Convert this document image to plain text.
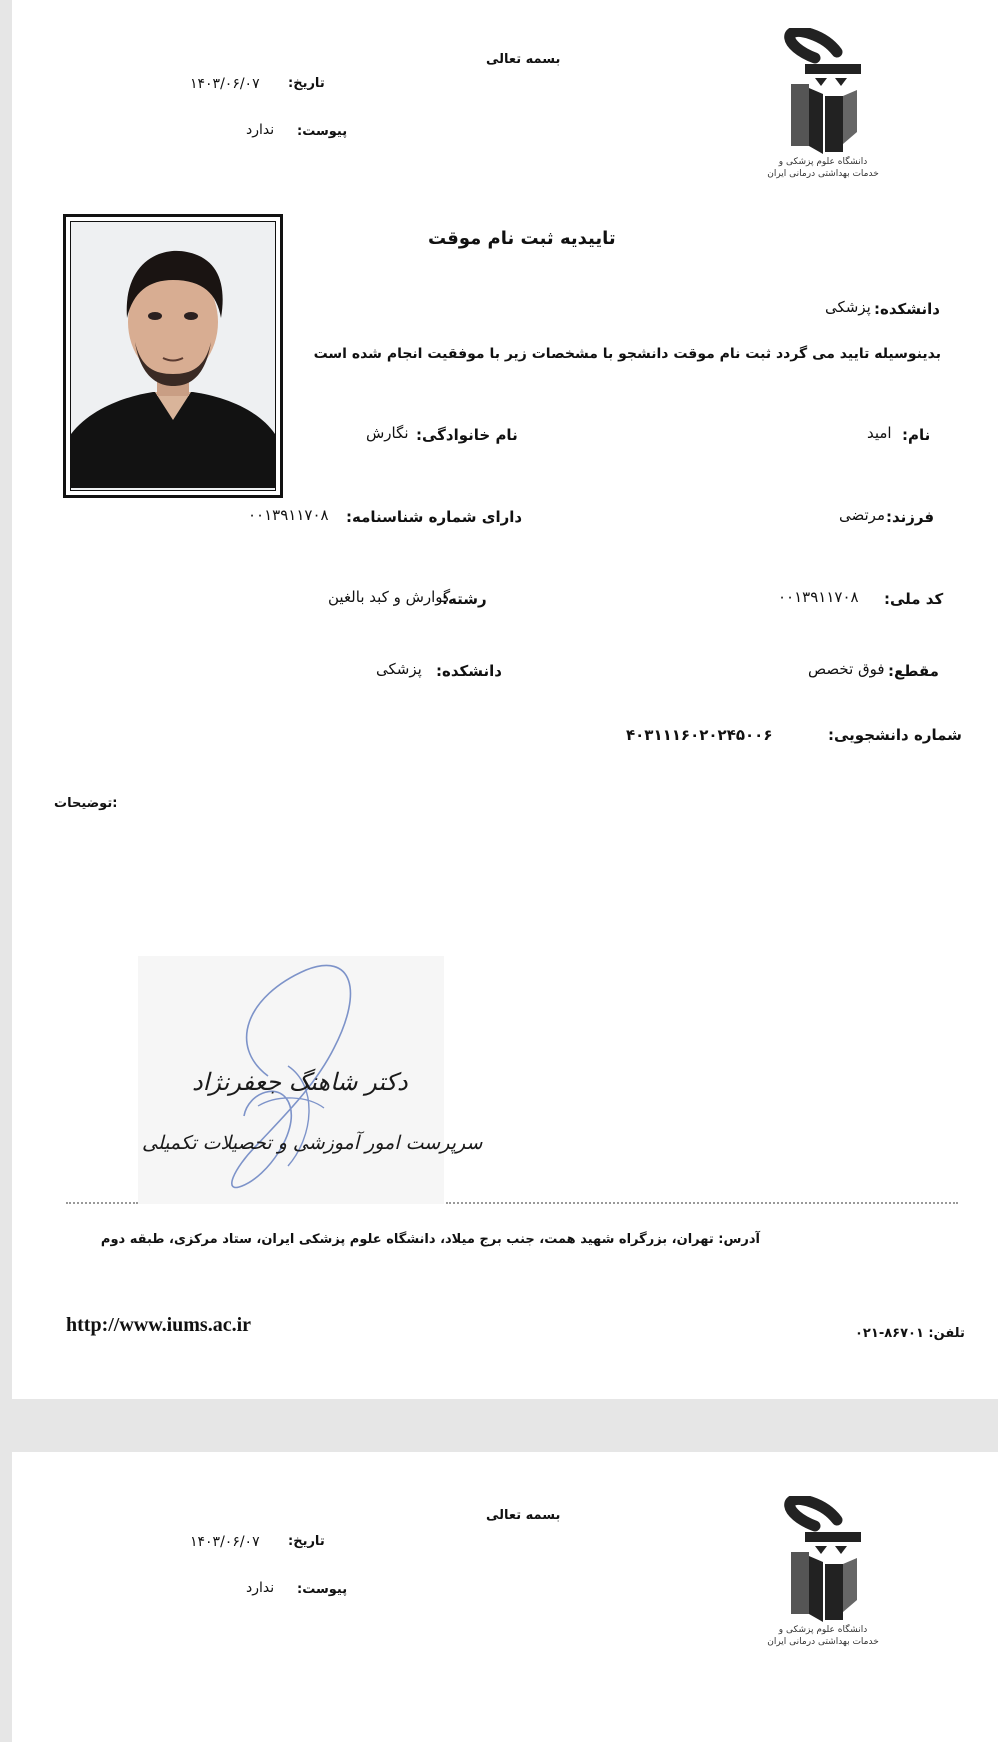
دانشگاه علوم پزشکی و
خدمات بهداشتی درمانی ایران
بسمه تعالی
تاریخ:
۱۴۰۳/۰۶/۰۷
پیوست:
ندارد
تاییدیه ثبت نام موقت
دانشکده:
پزشکی
بدینوسیله تایید می گردد ثبت نام موقت دانشجو با مشخصات زیر با موفقیت انجام شده است
نام:
امید
نام خانوادگی:
نگارش
فرزند:
مرتضی
دارای شماره شناسنامه:
۰۰۱۳۹۱۱۷۰۸
کد ملی:
۰۰۱۳۹۱۱۷۰۸
رشته:
گوارش و کبد بالغین
مقطع:
فوق تخصص
دانشکده:
پزشکی
شماره دانشجویی:
۴۰۳۱۱۱۶۰۲۰۲۴۵۰۰۶
:توضیحات
دکتر شاهنگ جعفرنژاد
سرپرست امور آموزشی و تحصیلات تکمیلی
آدرس: تهران، بزرگراه شهید همت، جنب برج میلاد، دانشگاه علوم پزشکی ایران، ستاد مرکزی، طبقه دوم
http://www.iums.ac.ir	تلفن: ۸۶۷۰۱-۰۲۱
دانشگاه علوم پزشکی و
خدمات بهداشتی درمانی ایران
بسمه تعالی
تاریخ:
۱۴۰۳/۰۶/۰۷
پیوست:
ندارد
